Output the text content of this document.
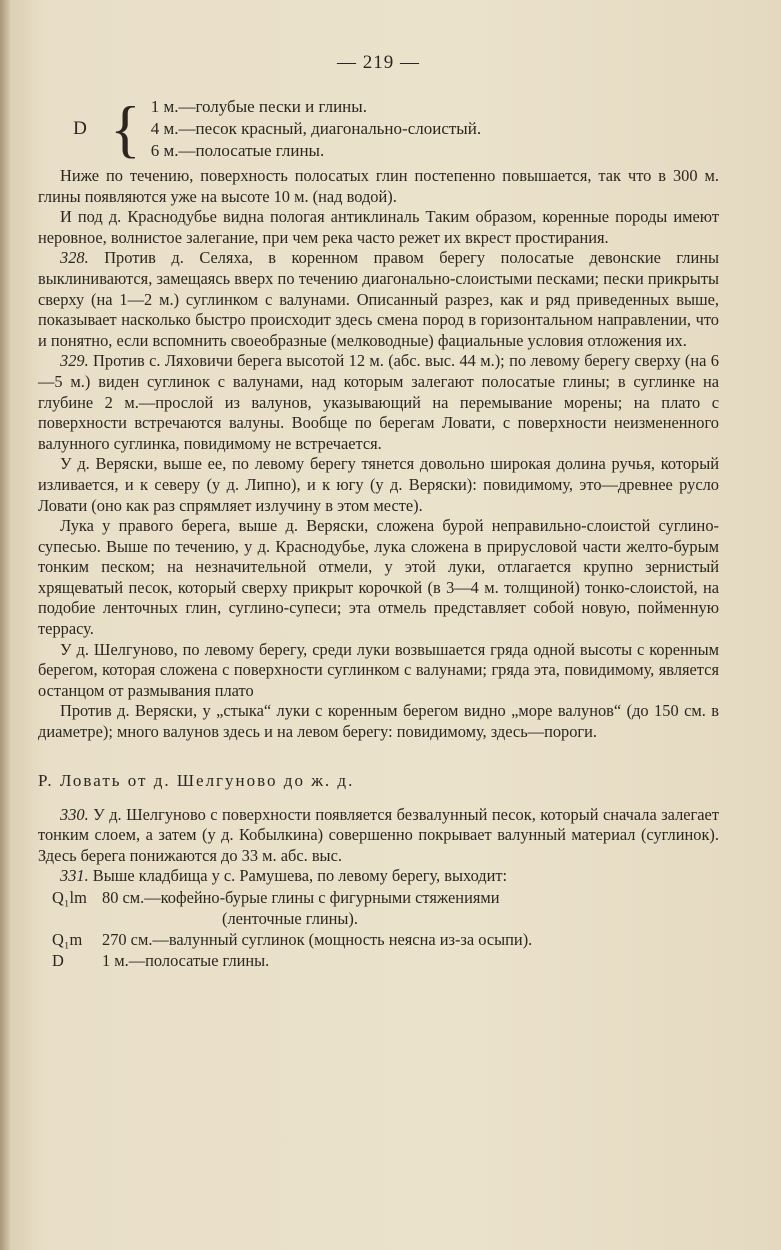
— 219 —
D { 1 м.—голубые пески и глины.
4 м.—песок красный, диагонально-слоистый.
6 м.—полосатые глины.

Ниже по течению, поверхность полосатых глин постепенно повышается, так что в 300 м. глины появляются уже на высоте 10 м. (над водой).

И под д. Краснодубье видна пологая антиклиналь Таким образом, коренные породы имеют неровное, волнистое залегание, при чем река часто режет их вкрест простирания.

328. Против д. Селяха, в коренном правом берегу полосатые девонские глины выклиниваются, замещаясь вверх по течению диагонально-слоистыми песками; пески прикрыты сверху (на 1—2 м.) суглинком с валунами. Описанный разрез, как и ряд приведенных выше, показывает насколько быстро происходит здесь смена пород в горизонтальном направлении, что и понятно, если вспомнить своеобразные (мелководные) фациальные условия отложения их.

329. Против с. Ляховичи берега высотой 12 м. (абс. выс. 44 м.); по левому берегу сверху (на 6—5 м.) виден суглинок с валунами, над которым залегают полосатые глины; в суглинке на глубине 2 м.—прослой из валунов, указывающий на перемывание морены; на плато с поверхности встречаются валуны. Вообще по берегам Ловати, с поверхности неизмененного валунного суглинка, повидимому не встречается.

У д. Веряски, выше ее, по левому берегу тянется довольно широкая долина ручья, который изливается, и к северу (у д. Липно), и к югу (у д. Веряски): повидимому, это—древнее русло Ловати (оно как раз спрямляет излучину в этом месте).

Лука у правого берега, выше д. Веряски, сложена бурой неправильно-слоистой суглино-супесью. Выше по течению, у д. Краснодубье, лука сложена в прирусловой части желто-бурым тонким песком; на незначительной отмели, у этой луки, отлагается крупно зернистый хрящеватый песок, который сверху прикрыт корочкой (в 3—4 м. толщиной) тонко-слоистой, на подобие ленточных глин, суглино-супеси; эта отмель представляет собой новую, пойменную террасу.

У д. Шелгуново, по левому берегу, среди луки возвышается гряда одной высоты с коренным берегом, которая сложена с поверхности суглинком с валунами; гряда эта, повидимому, является останцом от размывания плато

Против д. Веряски, у „стыка“ луки с коренным берегом видно „море валунов“ (до 150 см. в диаметре); много валунов здесь и на левом берегу: повидимому, здесь—пороги.

Р. Ловать от д. Шелгуново до ж. д.

330. У д. Шелгуново с поверхности появляется безвалунный песок, который сначала залегает тонким слоем, а затем (у д. Кобылкина) совершенно покрывает валунный материал (суглинок). Здесь берега понижаются до 33 м. абс. выс.

331. Выше кладбища у с. Рамушева, по левому берегу, выходит:

Q₁lm 80 см.—кофейно-бурые глины с фигурными стяжениями
(ленточные глины).
Q₁m	270 см.—валунный суглинок (мощность неясна из-за осыпи).
D	1 м.—полосатые глины.
